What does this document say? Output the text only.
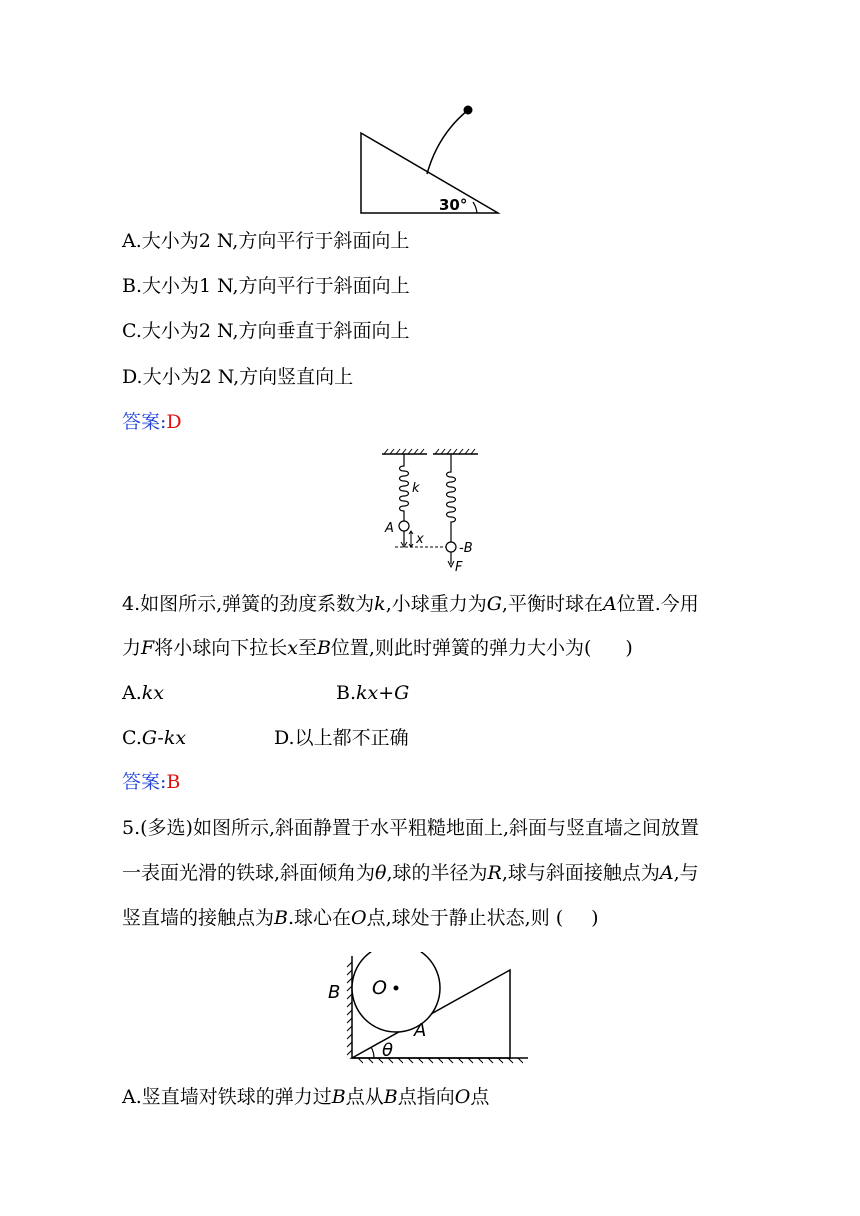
30°
A.大小为2 N,方向平行于斜面向上
B.大小为1 N,方向平行于斜面向上
C.大小为2 N,方向垂直于斜面向上
D.大小为2 N,方向竖直向上
答案:D
k
A
x
-B
F
4.如图所示,弹簧的劲度系数为k,小球重力为G,平衡时球在A位置.今用
力F将小球向下拉长x至B位置,则此时弹簧的弹力大小为( )
A.kx	B.kx+G
C.G-kx	D.以上都不正确
答案:B
5.(多选)如图所示,斜面静置于水平粗糙地面上,斜面与竖直墙之间放置
一表面光滑的铁球,斜面倾角为θ,球的半径为R,球与斜面接触点为A,与
竖直墙的接触点为B.球心在O点,球处于静止状态,则 ( )
O
B
A
θ
A.竖直墙对铁球的弹力过B点从B点指向O点
